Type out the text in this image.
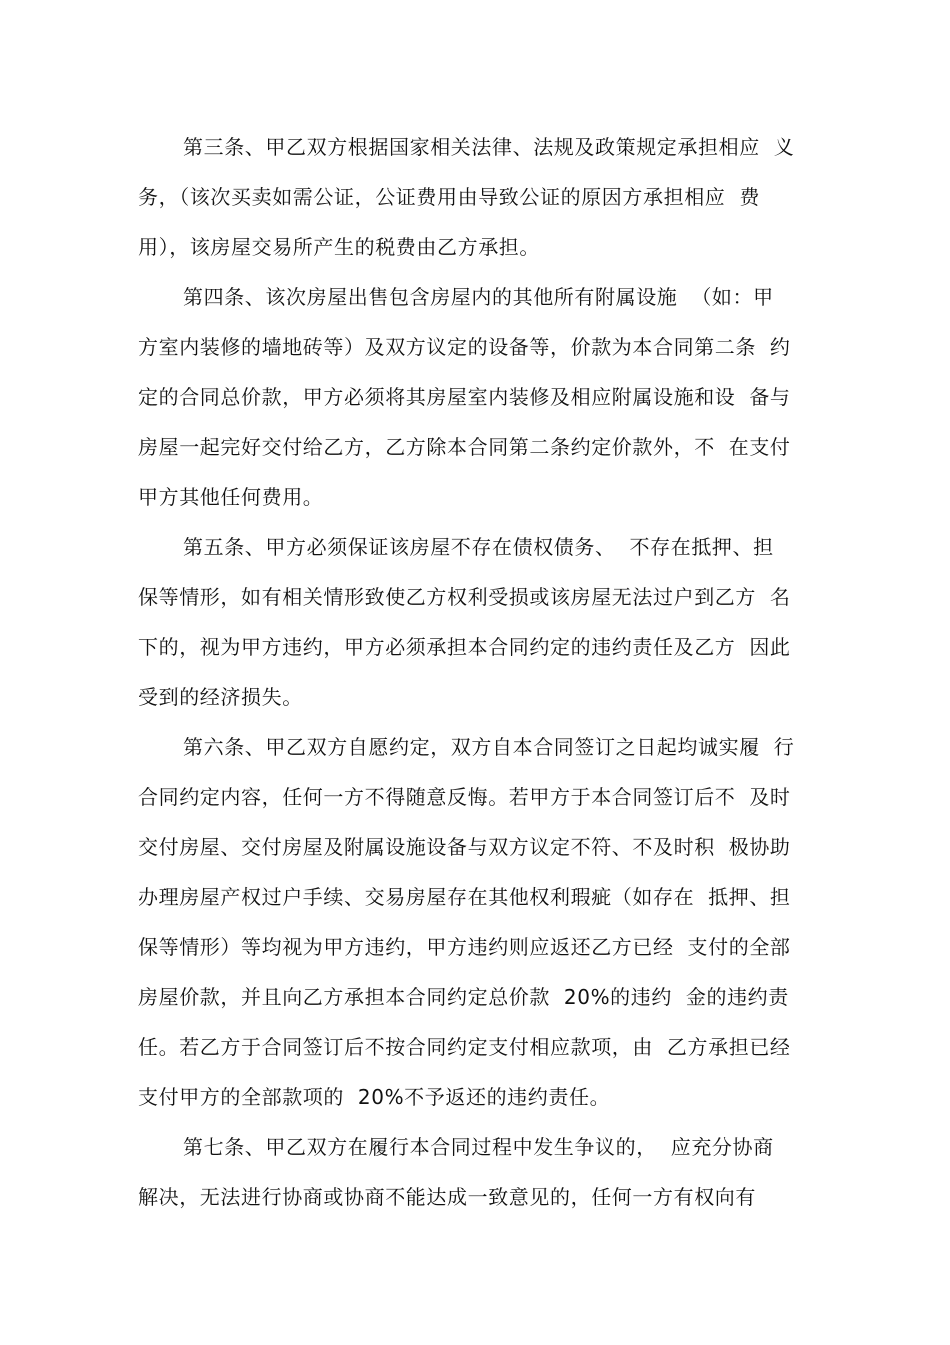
第三条、甲乙双方根据国家相关法律、法规及政策规定承担相应  义
务，（该次买卖如需公证，公证费用由导致公证的原因方承担相应  费
用），该房屋交易所产生的税费由乙方承担。
第四条、该次房屋出售包含房屋内的其他所有附属设施  （如：甲
方室内装修的墙地砖等）及双方议定的设备等，价款为本合同第二条  约
定的合同总价款，甲方必须将其房屋室内装修及相应附属设施和设  备与
房屋一起完好交付给乙方，乙方除本合同第二条约定价款外，不  在支付
甲方其他任何费用。
第五条、甲方必须保证该房屋不存在债权债务、  不存在抵押、担
保等情形，如有相关情形致使乙方权利受损或该房屋无法过户到乙方  名
下的，视为甲方违约，甲方必须承担本合同约定的违约责任及乙方  因此
受到的经济损失。
第六条、甲乙双方自愿约定，双方自本合同签订之日起均诚实履  行
合同约定内容，任何一方不得随意反悔。若甲方于本合同签订后不  及时
交付房屋、交付房屋及附属设施设备与双方议定不符、不及时积  极协助
办理房屋产权过户手续、交易房屋存在其他权利瑕疵（如存在  抵押、担
保等情形）等均视为甲方违约，甲方违约则应返还乙方已经  支付的全部
房屋价款，并且向乙方承担本合同约定总价款  20%的违约  金的违约责
任。若乙方于合同签订后不按合同约定支付相应款项，由  乙方承担已经
支付甲方的全部款项的  20%不予返还的违约责任。
第七条、甲乙双方在履行本合同过程中发生争议的，  应充分协商
解决，无法进行协商或协商不能达成一致意见的，任何一方有权向有
